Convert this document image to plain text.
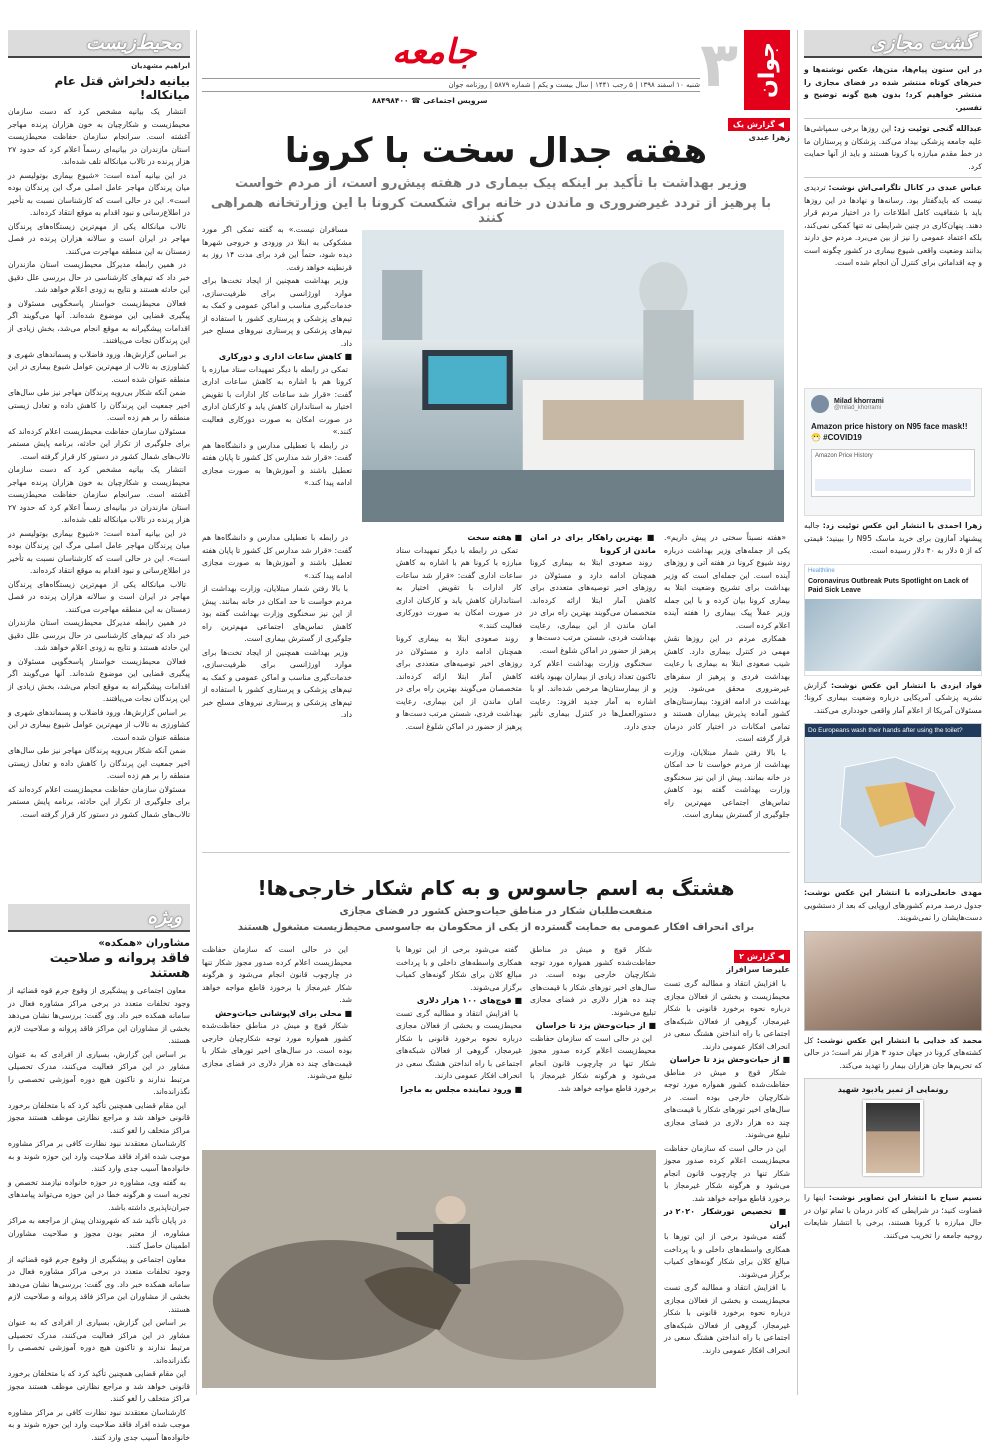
گشت مجازی
در این ستون پیام‌ها، متن‌ها، عکس نوشته‌ها و خبرهای کوتاه منتشر شده در فضای مجازی را منتشر خواهیم کرد؛ بدون هیچ گونه توضیح و تفسیر.
عبدالله گنجی توئیت زد: این روزها برخی سمپاشی‌ها علیه جامعه پزشکی بیداد می‌کند. پزشکان و پرستاران ما در خط مقدم مبارزه با کرونا هستند و باید از آنها حمایت کرد.
عباس عبدی در کانال تلگرامی‌اش نوشت: تردیدی نیست که بایدگفتار بود. رسانه‌ها و نهادها در این روزها باید با شفافیت کامل اطلاعات را در اختیار مردم قرار دهند. پنهان‌کاری در چنین شرایطی نه تنها کمکی نمی‌کند، بلکه اعتماد عمومی را نیز از بین می‌برد. مردم حق دارند بدانند وضعیت واقعی شیوع بیماری در کشور چگونه است و چه اقداماتی برای کنترل آن انجام شده است.
Milad khorrami
@milad_khorrami
Amazon price history on N95 face mask!! 😷 #COVID19
Amazon Price History
زهرا احمدی با انتشار این عکس توئیت زد: جالبه پیشنهاد آمازون برای خرید ماسک N95 را ببینید؛ قیمتی که از ۵ دلار به ۴۰ دلار رسیده است.
Healthline
Coronavirus Outbreak Puts Spotlight on Lack of Paid Sick Leave
فواد ایزدی با انتشار این عکس نوشت: گزارش نشریه پزشکی آمریکایی درباره وضعیت بیماری کرونا؛ مسئولان آمریکا از اعلام آمار واقعی خودداری می‌کنند.
Do Europeans wash their hands after using the toilet?
مهدی خانعلی‌زاده با انتشار این عکس نوشت: جدول درصد مردم کشورهای اروپایی که بعد از دستشویی دست‌هایشان را نمی‌شویند.
محمد کد خدایی با انتشار این عکس نوشت: کل کشته‌های کرونا در جهان حدود ۳ هزار نفر است؛ در حالی که تحریم‌ها جان هزاران بیمار را تهدید می‌کند.
رونمایی از تمبر یادبود شهید
نسیم سیاح با انتشار این تصاویر نوشت: اینها را قضاوت کنید؛ در شرایطی که کادر درمان با تمام توان در حال مبارزه با کرونا هستند، برخی با انتشار شایعات روحیه جامعه را تخریب می‌کنند.
جوان
۳
جامعه
شنبه ۱۰ اسفند ۱۳۹۸ | ۵ رجب ۱۴۴۱ | سال بیست و یکم | شماره ۵۸۷۹ | روزنامه جوان
سرویس اجتماعی ☎ ۸۸۴۹۸۴۰۰
◀
گزارش یک
زهرا عبدی
هفته جدال سخت با کرونا
وزیر بهداشت با تأکید بر اینکه پیک بیماری در هفته پیش‌رو است، از مردم خواست
با پرهیز از تردد غیرضروری و ماندن در خانه برای شکست کرونا با این وزارتخانه همراهی کنند

مسافران تیست.» به گفته تمکی اگر مورد مشکوکی به ابتلا در ورودی و خروجی شهرها دیده شود، حتماً این فرد برای مدت ۱۴ روز به قرنطینه خواهد رفت.

وزیر بهداشت همچنین از ایجاد تخت‌ها برای موارد اورژانسی برای ظرفیت‌سازی، خدمات‌گیری مناسب و اماکن عمومی و کمک به تیم‌های پزشکی و پرستاری کشور با استفاده از تیم‌های پزشکی و پرستاری نیروهای مسلح خبر داد.

■ کاهش ساعات اداری و دورکاری

تمکی در رابطه با دیگر تمهیدات ستاد مبارزه با کرونا هم با اشاره به کاهش ساعات اداری گفت: «قرار شد ساعات کار ادارات با تقویض اختیار به استانداران کاهش یابد و کارکنان اداری در صورت امکان به صورت دورکاری فعالیت کنند.»

در رابطه با تعطیلی مدارس و دانشگاه‌ها هم گفت: «قرار شد مدارس کل کشور تا پایان هفته تعطیل باشند و آموزش‌ها به صورت مجازی ادامه پیدا کند.»

«هفته نسبتاً سختی در پیش داریم». یکی از جمله‌های وزیر بهداشت درباره روند شیوع کرونا در هفته آتی و روزهای آینده است. این جمله‌ای است که وزیر بهداشت برای تشریح وضعیت ابتلا به بیماری کرونا بیان کرده و با این جمله وزیر عملاً پیک بیماری را هفته آینده اعلام کرده است.

همکاری مردم در این روزها نقش مهمی در کنترل بیماری دارد. کاهش شیب صعودی ابتلا به بیماری با رعایت بهداشت فردی و پرهیز از سفرهای غیرضروری محقق می‌شود. وزیر بهداشت در ادامه افزود: بیمارستان‌های کشور آماده پذیرش بیماران هستند و تمامی امکانات در اختیار کادر درمان قرار گرفته است.

با بالا رفتن شمار مبتلایان، وزارت بهداشت از مردم خواست تا حد امکان در خانه بمانند. پیش از این نیز سخنگوی وزارت بهداشت گفته بود کاهش تماس‌های اجتماعی مهم‌ترین راه جلوگیری از گسترش بیماری است.

■ بهترین راهکار برای در امان ماندن از کرونا

روند صعودی ابتلا به بیماری کرونا همچنان ادامه دارد و مسئولان در روزهای اخیر توصیه‌های متعددی برای کاهش آمار ابتلا ارائه کرده‌اند. متخصصان می‌گویند بهترین راه برای در امان ماندن از این بیماری، رعایت بهداشت فردی، شستن مرتب دست‌ها و پرهیز از حضور در اماکن شلوغ است.

سخنگوی وزارت بهداشت اعلام کرد تاکنون تعداد زیادی از بیماران بهبود یافته و از بیمارستان‌ها مرخص شده‌اند. او با اشاره به آمار جدید افزود: رعایت دستورالعمل‌ها در کنترل بیماری تأثیر جدی دارد.

■ هفته سخت

تمکی در رابطه با دیگر تمهیدات ستاد مبارزه با کرونا هم با اشاره به کاهش ساعات اداری گفت: «قرار شد ساعات کار ادارات با تقویض اختیار به استانداران کاهش یابد و کارکنان اداری در صورت امکان به صورت دورکاری فعالیت کنند.»

روند صعودی ابتلا به بیماری کرونا همچنان ادامه دارد و مسئولان در روزهای اخیر توصیه‌های متعددی برای کاهش آمار ابتلا ارائه کرده‌اند. متخصصان می‌گویند بهترین راه برای در امان ماندن از این بیماری، رعایت بهداشت فردی، شستن مرتب دست‌ها و پرهیز از حضور در اماکن شلوغ است.

در رابطه با تعطیلی مدارس و دانشگاه‌ها هم گفت: «قرار شد مدارس کل کشور تا پایان هفته تعطیل باشند و آموزش‌ها به صورت مجازی ادامه پیدا کند.»

با بالا رفتن شمار مبتلایان، وزارت بهداشت از مردم خواست تا حد امکان در خانه بمانند. پیش از این نیز سخنگوی وزارت بهداشت گفته بود کاهش تماس‌های اجتماعی مهم‌ترین راه جلوگیری از گسترش بیماری است.

وزیر بهداشت همچنین از ایجاد تخت‌ها برای موارد اورژانسی برای ظرفیت‌سازی، خدمات‌گیری مناسب و اماکن عمومی و کمک به تیم‌های پزشکی و پرستاری کشور با استفاده از تیم‌های پزشکی و پرستاری نیروهای مسلح خبر داد.

هشتگ به اسم جاسوس و به کام شکار خارجی‌ها!
منفعت‌طلبان شکار در مناطق حیات‌وحش کشور در فضای مجازی
برای انحراف افکار عمومی به حمایت گسترده از یکی از محکومان به جاسوسی محیط‌زیست مشغول هستند
◀
گزارش ۲
علیرضا سرافراز

با افزایش انتقاد و مطالبه گری تست محیط‌زیست و بخشی از فعالان مجازی درباره نحوه برخورد قانونی با شکار غیرمجاز، گروهی از فعالان شبکه‌های اجتماعی با راه انداختن هشتگ سعی در انحراف افکار عمومی دارند.

■ از حیات‌وحش یزد تا خراسان

شکار قوچ و میش در مناطق حفاظت‌شده کشور همواره مورد توجه شکارچیان خارجی بوده است. در سال‌های اخیر تورهای شکار با قیمت‌های چند ده هزار دلاری در فضای مجازی تبلیغ می‌شوند.

این در حالی است که سازمان حفاظت محیط‌زیست اعلام کرده صدور مجوز شکار تنها در چارچوب قانون انجام می‌شود و هرگونه شکار غیرمجاز با برخورد قاطع مواجه خواهد شد.

■ تخصیص تورشکار ۲۰۲۰ در ایران

گفته می‌شود برخی از این تورها با همکاری واسطه‌های داخلی و با پرداخت مبالغ کلان برای شکار گونه‌های کمیاب برگزار می‌شوند.

با افزایش انتقاد و مطالبه گری تست محیط‌زیست و بخشی از فعالان مجازی درباره نحوه برخورد قانونی با شکار غیرمجاز، گروهی از فعالان شبکه‌های اجتماعی با راه انداختن هشتگ سعی در انحراف افکار عمومی دارند.

شکار قوچ و میش در مناطق حفاظت‌شده کشور همواره مورد توجه شکارچیان خارجی بوده است. در سال‌های اخیر تورهای شکار با قیمت‌های چند ده هزار دلاری در فضای مجازی تبلیغ می‌شوند.

■ از حیات‌وحش یزد تا خراسان

این در حالی است که سازمان حفاظت محیط‌زیست اعلام کرده صدور مجوز شکار تنها در چارچوب قانون انجام می‌شود و هرگونه شکار غیرمجاز با برخورد قاطع مواجه خواهد شد.

گفته می‌شود برخی از این تورها با همکاری واسطه‌های داخلی و با پرداخت مبالغ کلان برای شکار گونه‌های کمیاب برگزار می‌شوند.

■ قوچ‌های ۱۰۰ هزار دلاری

با افزایش انتقاد و مطالبه گری تست محیط‌زیست و بخشی از فعالان مجازی درباره نحوه برخورد قانونی با شکار غیرمجاز، گروهی از فعالان شبکه‌های اجتماعی با راه انداختن هشتگ سعی در انحراف افکار عمومی دارند.

■ ورود نماینده مجلس به ماجرا

این در حالی است که سازمان حفاظت محیط‌زیست اعلام کرده صدور مجوز شکار تنها در چارچوب قانون انجام می‌شود و هرگونه شکار غیرمجاز با برخورد قاطع مواجه خواهد شد.

■ محلی برای لاپوشانی حیات‌وحش

شکار قوچ و میش در مناطق حفاظت‌شده کشور همواره مورد توجه شکارچیان خارجی بوده است. در سال‌های اخیر تورهای شکار با قیمت‌های چند ده هزار دلاری در فضای مجازی تبلیغ می‌شوند.

محیط‌زیست
ابراهیم مشهدیان
بیانیه دلخراش قتل عام میانکاله!

انتشار یک بیانیه مشخص کرد که دست سازمان محیط‌زیست و شکارچیان به خون هزاران پرنده مهاجر آغشته است. سرانجام سازمان حفاظت محیط‌زیست استان مازندران در بیانیه‌ای رسماً اعلام کرد که حدود ۲۷ هزار پرنده در تالاب میانکاله تلف شده‌اند.

در این بیانیه آمده است: «شیوع بیماری بوتولیسم در میان پرندگان مهاجر عامل اصلی مرگ این پرندگان بوده است». این در حالی است که کارشناسان نسبت به تأخیر در اطلاع‌رسانی و نبود اقدام به موقع انتقاد کرده‌اند.

تالاب میانکاله یکی از مهم‌ترین زیستگاه‌های پرندگان مهاجر در ایران است و سالانه هزاران پرنده در فصل زمستان به این منطقه مهاجرت می‌کنند.

در همین رابطه مدیرکل محیط‌زیست استان مازندران خبر داد که تیم‌های کارشناسی در حال بررسی علل دقیق این حادثه هستند و نتایج به زودی اعلام خواهد شد.

فعالان محیط‌زیست خواستار پاسخگویی مسئولان و پیگیری قضایی این موضوع شده‌اند. آنها می‌گویند اگر اقدامات پیشگیرانه به موقع انجام می‌شد، بخش زیادی از این پرندگان نجات می‌یافتند.

بر اساس گزارش‌ها، ورود فاضلاب و پسماندهای شهری و کشاورزی به تالاب از مهم‌ترین عوامل شیوع بیماری در این منطقه عنوان شده است.

ضمن آنکه شکار بی‌رویه پرندگان مهاجر نیز طی سال‌های اخیر جمعیت این پرندگان را کاهش داده و تعادل زیستی منطقه را بر هم زده است.

مسئولان سازمان حفاظت محیط‌زیست اعلام کرده‌اند که برای جلوگیری از تکرار این حادثه، برنامه پایش مستمر تالاب‌های شمال کشور در دستور کار قرار گرفته است.

انتشار یک بیانیه مشخص کرد که دست سازمان محیط‌زیست و شکارچیان به خون هزاران پرنده مهاجر آغشته است. سرانجام سازمان حفاظت محیط‌زیست استان مازندران در بیانیه‌ای رسماً اعلام کرد که حدود ۲۷ هزار پرنده در تالاب میانکاله تلف شده‌اند.

در این بیانیه آمده است: «شیوع بیماری بوتولیسم در میان پرندگان مهاجر عامل اصلی مرگ این پرندگان بوده است». این در حالی است که کارشناسان نسبت به تأخیر در اطلاع‌رسانی و نبود اقدام به موقع انتقاد کرده‌اند.

تالاب میانکاله یکی از مهم‌ترین زیستگاه‌های پرندگان مهاجر در ایران است و سالانه هزاران پرنده در فصل زمستان به این منطقه مهاجرت می‌کنند.

در همین رابطه مدیرکل محیط‌زیست استان مازندران خبر داد که تیم‌های کارشناسی در حال بررسی علل دقیق این حادثه هستند و نتایج به زودی اعلام خواهد شد.

فعالان محیط‌زیست خواستار پاسخگویی مسئولان و پیگیری قضایی این موضوع شده‌اند. آنها می‌گویند اگر اقدامات پیشگیرانه به موقع انجام می‌شد، بخش زیادی از این پرندگان نجات می‌یافتند.

بر اساس گزارش‌ها، ورود فاضلاب و پسماندهای شهری و کشاورزی به تالاب از مهم‌ترین عوامل شیوع بیماری در این منطقه عنوان شده است.

ضمن آنکه شکار بی‌رویه پرندگان مهاجر نیز طی سال‌های اخیر جمعیت این پرندگان را کاهش داده و تعادل زیستی منطقه را بر هم زده است.

مسئولان سازمان حفاظت محیط‌زیست اعلام کرده‌اند که برای جلوگیری از تکرار این حادثه، برنامه پایش مستمر تالاب‌های شمال کشور در دستور کار قرار گرفته است.

ویژه
مشاوران «همکده»
فاقد پروانه و صلاحیت هستند

معاون اجتماعی و پیشگیری از وقوع جرم قوه قضائیه از وجود تخلفات متعدد در برخی مراکز مشاوره فعال در سامانه همکده خبر داد. وی گفت: بررسی‌ها نشان می‌دهد بخشی از مشاوران این مراکز فاقد پروانه و صلاحیت لازم هستند.

بر اساس این گزارش، بسیاری از افرادی که به عنوان مشاور در این مراکز فعالیت می‌کنند، مدرک تحصیلی مرتبط ندارند و تاکنون هیچ دوره آموزشی تخصصی را نگذرانده‌اند.

این مقام قضایی همچنین تأکید کرد که با متخلفان برخورد قانونی خواهد شد و مراجع نظارتی موظف هستند مجوز مراکز متخلف را لغو کنند.

کارشناسان معتقدند نبود نظارت کافی بر مراکز مشاوره موجب شده افراد فاقد صلاحیت وارد این حوزه شوند و به خانواده‌ها آسیب جدی وارد کنند.

به گفته وی، مشاوره در حوزه خانواده نیازمند تخصص و تجربه است و هرگونه خطا در این حوزه می‌تواند پیامدهای جبران‌ناپذیری داشته باشد.

در پایان تأکید شد که شهروندان پیش از مراجعه به مراکز مشاوره، از معتبر بودن مجوز و صلاحیت مشاوران اطمینان حاصل کنند.

معاون اجتماعی و پیشگیری از وقوع جرم قوه قضائیه از وجود تخلفات متعدد در برخی مراکز مشاوره فعال در سامانه همکده خبر داد. وی گفت: بررسی‌ها نشان می‌دهد بخشی از مشاوران این مراکز فاقد پروانه و صلاحیت لازم هستند.

بر اساس این گزارش، بسیاری از افرادی که به عنوان مشاور در این مراکز فعالیت می‌کنند، مدرک تحصیلی مرتبط ندارند و تاکنون هیچ دوره آموزشی تخصصی را نگذرانده‌اند.

این مقام قضایی همچنین تأکید کرد که با متخلفان برخورد قانونی خواهد شد و مراجع نظارتی موظف هستند مجوز مراکز متخلف را لغو کنند.

کارشناسان معتقدند نبود نظارت کافی بر مراکز مشاوره موجب شده افراد فاقد صلاحیت وارد این حوزه شوند و به خانواده‌ها آسیب جدی وارد کنند.
